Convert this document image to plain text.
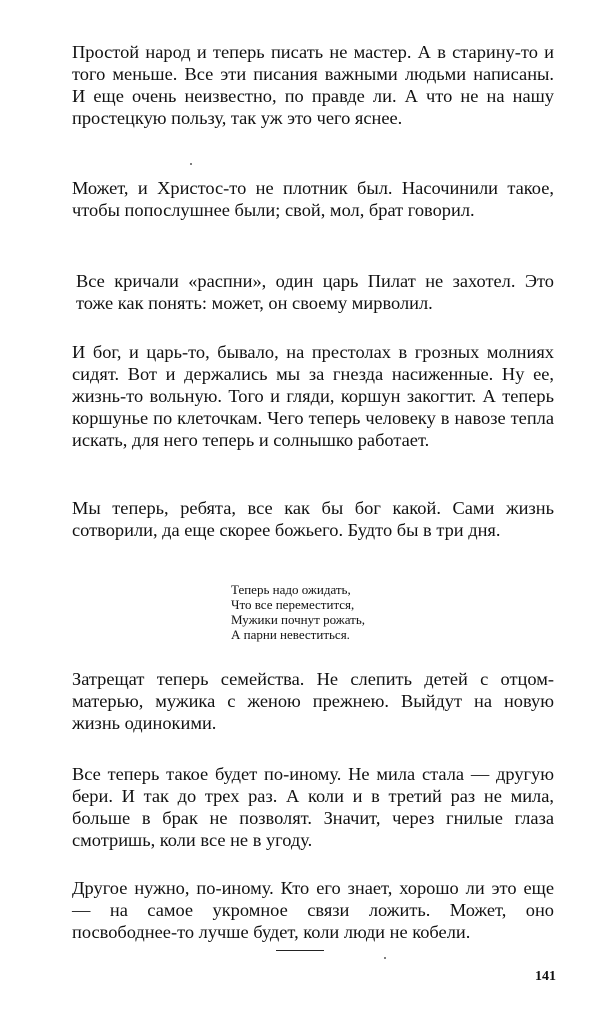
Простой народ и теперь писать не мастер. А в старину-то и того меньше. Все эти писания важными людьми написаны. И еще очень неизвестно, по правде ли. А что не на нашу простецкую пользу, так уж это чего яснее.

Может, и Христос-то не плотник был. Насочинили такое, чтобы попослушнее были; свой, мол, брат говорил.

Все кричали «распни», один царь Пилат не захотел. Это тоже как понять: может, он своему мирволил.

И бог, и царь-то, бывало, на престолах в грозных молниях сидят. Вот и держались мы за гнезда насиженные. Ну ее, жизнь-то вольную. Того и гляди, коршун закогтит. А теперь коршунье по клеточкам. Чего теперь человеку в навозе тепла искать, для него теперь и солнышко работает.

Мы теперь, ребята, все как бы бог какой. Сами жизнь сотворили, да еще скорее божьего. Будто бы в три дня.

Теперь надо ожидать,
Что все переместится,
Мужики почнут рожать,
А парни невеститься.

Затрещат теперь семейства. Не слепить детей с отцом-матерью, мужика с женою прежнею. Выйдут на новую жизнь одинокими.

Все теперь такое будет по-иному. Не мила стала — другую бери. И так до трех раз. А коли и в третий раз не мила, больше в брак не позволят. Значит, через гнилые глаза смотришь, коли все не в угоду.

Другое нужно, по-иному. Кто его знает, хорошо ли это еще — на самое укромное связи ложить. Может, оно посвободнее-то лучше будет, коли люди не кобели.

141
